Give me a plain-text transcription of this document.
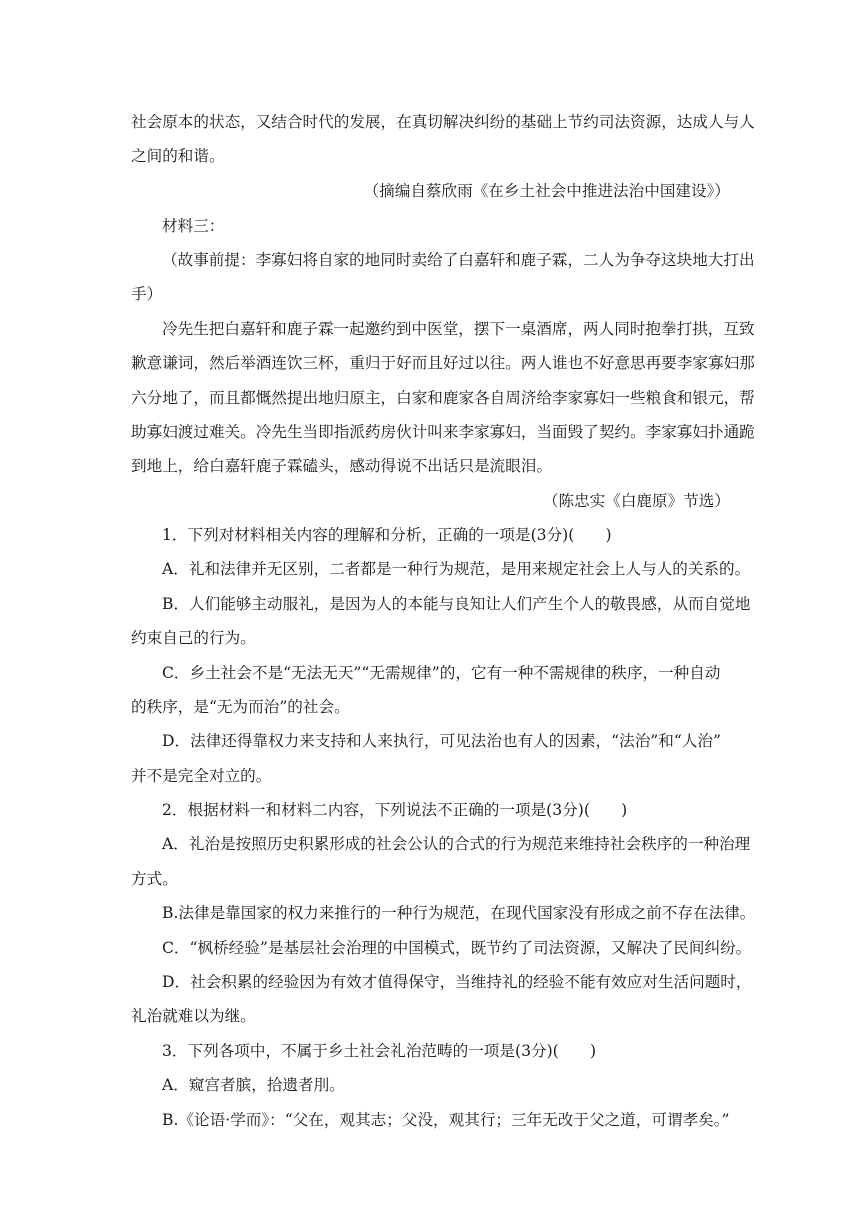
社会原本的状态，又结合时代的发展，在真切解决纠纷的基础上节约司法资源，达成人与人
之间的和谐。
（摘编自蔡欣雨《在乡土社会中推进法治中国建设》）
材料三：
（故事前提：李寡妇将自家的地同时卖给了白嘉轩和鹿子霖，二人为争夺这块地大打出
手）
冷先生把白嘉轩和鹿子霖一起邀约到中医堂，摆下一桌酒席，两人同时抱拳打拱，互致
歉意谦词，然后举酒连饮三杯，重归于好而且好过以往。两人谁也不好意思再要李家寡妇那
六分地了，而且都慨然提出地归原主，白家和鹿家各自周济给李家寡妇一些粮食和银元，帮
助寡妇渡过难关。冷先生当即指派药房伙计叫来李家寡妇，当面毁了契约。李家寡妇扑通跪
到地上，给白嘉轩鹿子霖磕头，感动得说不出话只是流眼泪。
（陈忠实《白鹿原》节选）
1．下列对材料相关内容的理解和分析，正确的一项是(3分)(　　)
A．礼和法律并无区别，二者都是一种行为规范，是用来规定社会上人与人的关系的。
B．人们能够主动服礼，是因为人的本能与良知让人们产生个人的敬畏感，从而自觉地
约束自己的行为。
C．乡土社会不是“无法无天”“无需规律”的，它有一种不需规律的秩序，一种自动
的秩序，是“无为而治”的社会。
D．法律还得靠权力来支持和人来执行，可见法治也有人的因素，“法治”和“人治”
并不是完全对立的。
2．根据材料一和材料二内容，下列说法不正确的一项是(3分)(　　)
A．礼治是按照历史积累形成的社会公认的合式的行为规范来维持社会秩序的一种治理
方式。
B.法律是靠国家的权力来推行的一种行为规范，在现代国家没有形成之前不存在法律。
C．“枫桥经验”是基层社会治理的中国模式，既节约了司法资源，又解决了民间纠纷。
D．社会积累的经验因为有效才值得保守，当维持礼的经验不能有效应对生活问题时，
礼治就难以为继。
3．下列各项中，不属于乡土社会礼治范畴的一项是(3分)(　　)
A．窥宫者膑，拾遗者刖。
B.《论语·学而》：“父在，观其志；父没，观其行；三年无改于父之道，可谓孝矣。”
